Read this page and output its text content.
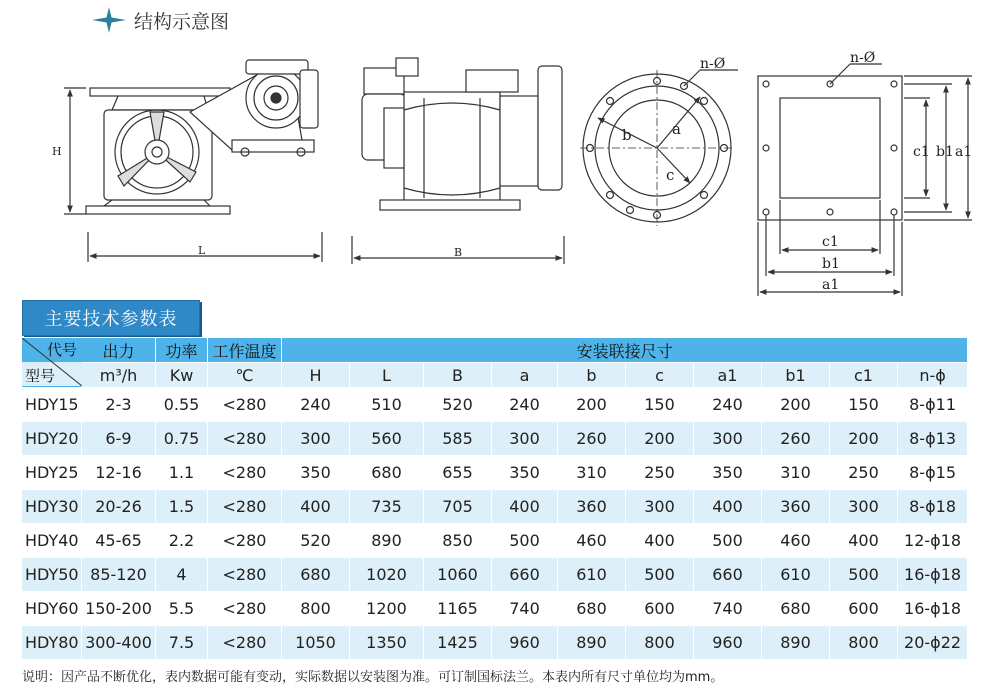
结构示意图
H
L	B
n-Ø
a
b
c
n-Ø
c1 b1 a1
c1
b1
a1
主要技术参数表
代号
型号	出力	功率	工作温度	安装联接尺寸									
	m³/h	Kw	℃	H	L	B	a	b	c	a1	b1	c1	n-ϕ
HDY15	2-3	0.55	<280	240	510	520	240	200	150	240	200	150	8-ϕ11
HDY20	6-9	0.75	<280	300	560	585	300	260	200	300	260	200	8-ϕ13
HDY25	12-16	1.1	<280	350	680	655	350	310	250	350	310	250	8-ϕ15
HDY30	20-26	1.5	<280	400	735	705	400	360	300	400	360	300	8-ϕ18
HDY40	45-65	2.2	<280	520	890	850	500	460	400	500	460	400	12-ϕ18
HDY50	85-120	4	<280	680	1020	1060	660	610	500	660	610	500	16-ϕ18
HDY60	150-200	5.5	<280	800	1200	1165	740	680	600	740	680	600	16-ϕ18
HDY80	300-400	7.5	<280	1050	1350	1425	960	890	800	960	890	800	20-ϕ22
说明：因产品不断优化，表内数据可能有变动，实际数据以安装图为准。可订制国标法兰。本表内所有尺寸单位均为mm。
